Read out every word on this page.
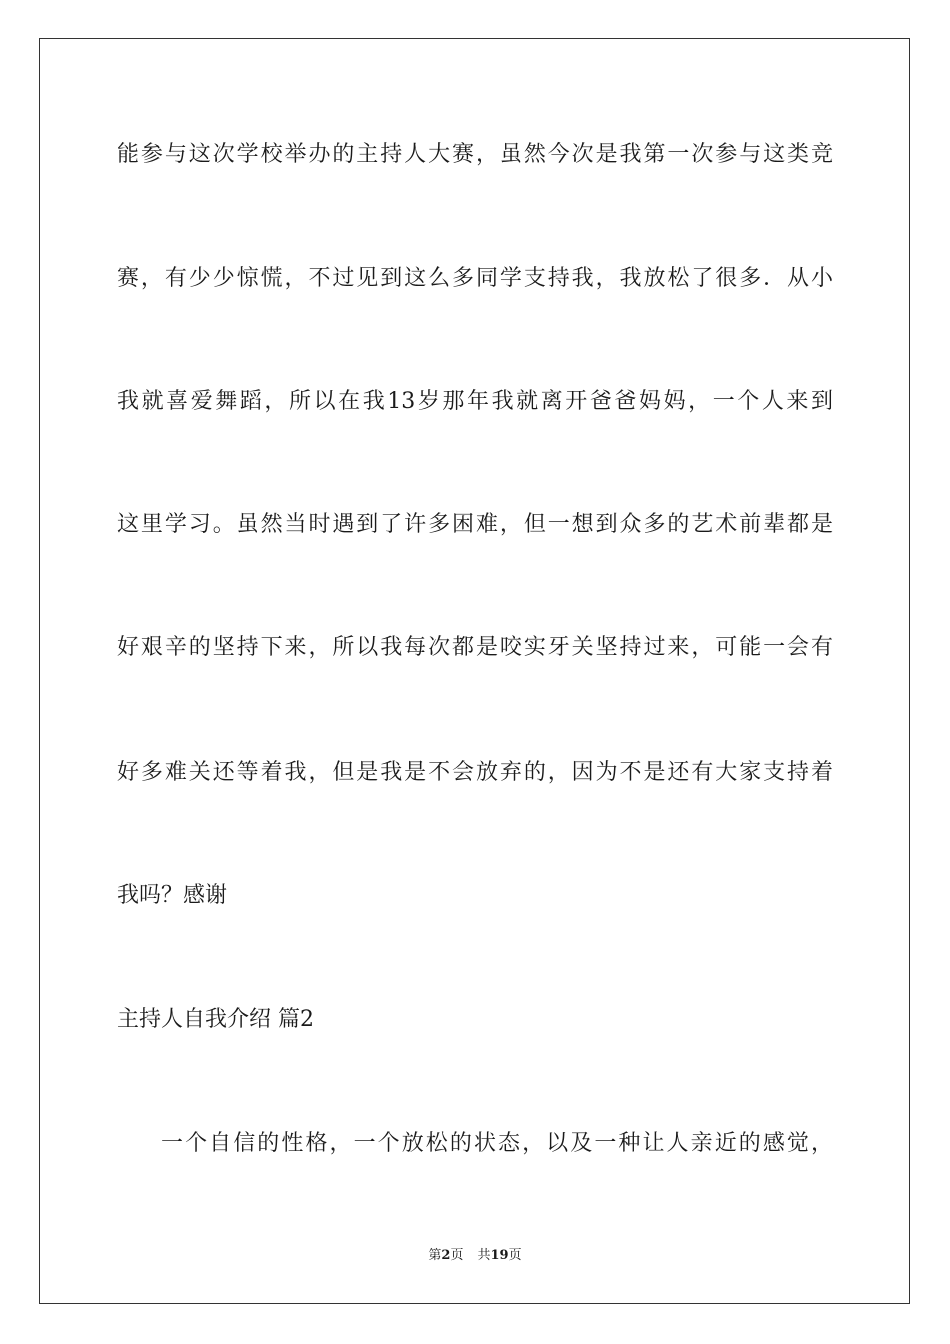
能参与这次学校举办的主持人大赛，虽然今次是我第一次参与这类竞

赛，有少少惊慌，不过见到这么多同学支持我，我放松了很多．从小

我就喜爱舞蹈，所以在我13岁那年我就离开爸爸妈妈，一个人来到

这里学习。虽然当时遇到了许多困难，但一想到众多的艺术前辈都是

好艰辛的坚持下来，所以我每次都是咬实牙关坚持过来，可能一会有

好多难关还等着我，但是我是不会放弃的，因为不是还有大家支持着

我吗？感谢

主持人自我介绍 篇2

一个自信的性格，一个放松的状态，以及一种让人亲近的感觉，

第2页 共19页
